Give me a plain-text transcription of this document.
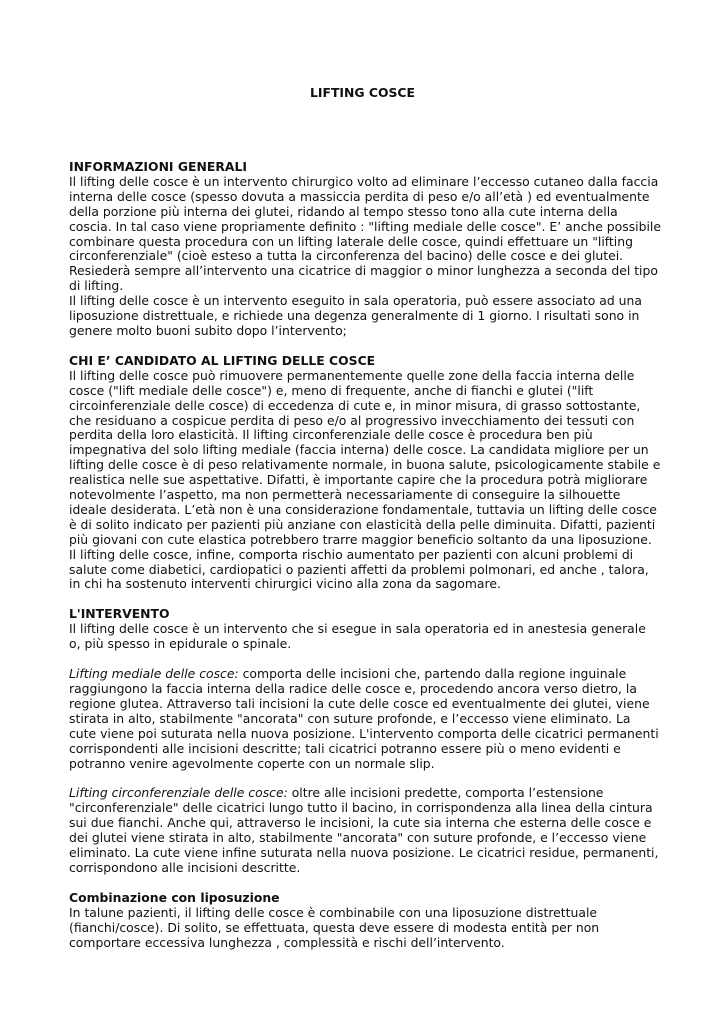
LIFTING COSCE

INFORMAZIONI GENERALI

Il lifting delle cosce è un intervento chirurgico volto ad eliminare l’eccesso cutaneo dalla faccia interna delle cosce (spesso dovuta a massiccia perdita di peso e/o all’età ) ed eventualmente della porzione più interna dei glutei, ridando al tempo stesso tono alla cute interna della coscia. In tal caso viene propriamente definito : "lifting mediale delle cosce". E’ anche possibile combinare questa procedura con un lifting laterale delle cosce, quindi effettuare un "lifting circonferenziale" (cioè esteso a tutta la circonferenza del bacino) delle cosce e dei glutei. Resiederà sempre all’intervento una cicatrice di maggior o minor lunghezza a seconda del tipo di lifting.

Il lifting delle cosce è un intervento eseguito in sala operatoria, può essere associato ad una liposuzione distrettuale, e richiede una degenza generalmente di 1 giorno. I risultati sono in genere molto buoni subito dopo l’intervento;

CHI E’ CANDIDATO AL LIFTING DELLE COSCE

Il lifting delle cosce può rimuovere permanentemente quelle zone della faccia interna delle cosce ("lift mediale delle cosce") e, meno di frequente, anche di fianchi e glutei ("lift circoinferenziale delle cosce) di eccedenza di cute e, in minor misura, di grasso sottostante, che residuano a cospicue perdita di peso e/o al progressivo invecchiamento dei tessuti con perdita della loro elasticità. Il lifting circonferenziale delle cosce è procedura ben più impegnativa del solo lifting mediale (faccia interna) delle cosce. La candidata migliore per un lifting delle cosce è di peso relativamente normale, in buona salute, psicologicamente stabile e realistica nelle sue aspettative. Difatti, è importante capire che la procedura potrà migliorare notevolmente l’aspetto, ma non permetterà necessariamente di conseguire la silhouette ideale desiderata. L’età non è una considerazione fondamentale, tuttavia un lifting delle cosce è di solito indicato per pazienti più anziane con elasticità della pelle diminuita. Difatti, pazienti più giovani con cute elastica potrebbero trarre maggior beneficio soltanto da una liposuzione. Il lifting delle cosce, infine, comporta rischio aumentato per pazienti con alcuni problemi di salute come diabetici, cardiopatici o pazienti affetti da problemi polmonari, ed anche , talora, in chi ha sostenuto interventi chirurgici vicino alla zona da sagomare.

L'INTERVENTO

Il lifting delle cosce è un intervento che si esegue in sala operatoria ed in anestesia generale o, più spesso in epidurale o spinale.

Lifting mediale delle cosce: comporta delle incisioni che, partendo dalla regione inguinale raggiungono la faccia interna della radice delle cosce e, procedendo ancora verso dietro, la regione glutea. Attraverso tali incisioni la cute delle cosce ed eventualmente dei glutei, viene stirata in alto, stabilmente "ancorata" con suture profonde, e l’eccesso viene eliminato. La cute viene poi suturata nella nuova posizione. L'intervento comporta delle cicatrici permanenti corrispondenti alle incisioni descritte; tali cicatrici potranno essere più o meno evidenti e potranno venire agevolmente coperte con un normale slip.

Lifting circonferenziale delle cosce: oltre alle incisioni predette, comporta l’estensione "circonferenziale" delle cicatrici lungo tutto il bacino, in corrispondenza alla linea della cintura sui due fianchi. Anche qui, attraverso le incisioni, la cute sia interna che esterna delle cosce e dei glutei viene stirata in alto, stabilmente "ancorata" con suture profonde, e l’eccesso viene eliminato. La cute viene infine suturata nella nuova posizione. Le cicatrici residue, permanenti, corrispondono alle incisioni descritte.

Combinazione con liposuzione

In talune pazienti, il lifting delle cosce è combinabile con una liposuzione distrettuale (fianchi/cosce). Di solito, se effettuata, questa deve essere di modesta entità per non comportare eccessiva lunghezza , complessità e rischi dell’intervento.
